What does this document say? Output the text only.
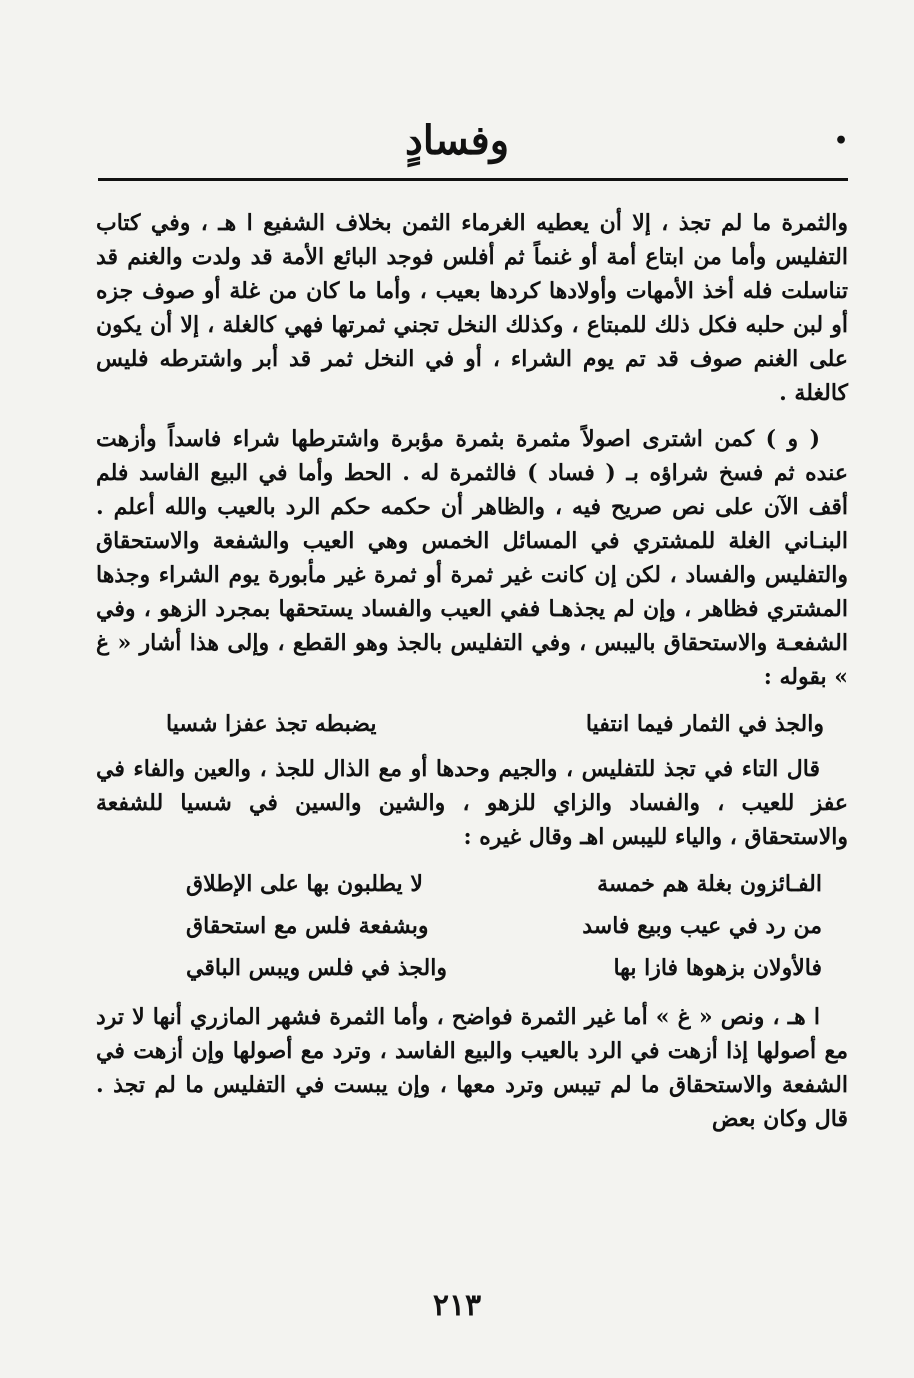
•
وفسادٍ

والثمرة ما لم تجذ ، إلا أن يعطيه الغرماء الثمن بخلاف الشفيع ا هـ ، وفي كتاب التفليس وأما من ابتاع أمة أو غنماً ثم أفلس فوجد البائع الأمة قد ولدت والغنم قد تناسلت فله أخذ الأمهات وأولادها كردها بعيب ، وأما ما كان من غلة أو صوف جزه أو لبن حلبه فكل ذلك للمبتاع ، وكذلك النخل تجني ثمرتها فهي كالغلة ، إلا أن يكون على الغنم صوف قد تم يوم الشراء ، أو في النخل ثمر قد أبر واشترطه فليس كالغلة .

( و ) كمن اشترى اصولاً مثمرة بثمرة مؤبرة واشترطها شراء فاسداً وأزهت عنده ثم فسخ شراؤه بـ ( فساد ) فالثمرة له . الحط وأما في البيع الفاسد فلم أقف الآن على نص صريح فيه ، والظاهر أن حكمه حكم الرد بالعيب والله أعلم . البنـاني الغلة للمشتري في المسائل الخمس وهي العيب والشفعة والاستحقاق والتفليس والفساد ، لكن إن كانت غير ثمرة أو ثمرة غير مأبورة يوم الشراء وجذها المشتري فظاهر ، وإن لم يجذهـا ففي العيب والفساد يستحقها بمجرد الزهو ، وفي الشفعـة والاستحقاق باليبس ، وفي التفليس بالجذ وهو القطع ، وإلى هذا أشار « غ » بقوله :

والجذ في الثمار فيما انتفيا
يضبطه تجذ عفزا شسيا

قال التاء في تجذ للتفليس ، والجيم وحدها أو مع الذال للجذ ، والعين والفاء في عفز للعيب ، والفساد والزاي للزهو ، والشين والسين في شسيا للشفعة والاستحقاق ، والياء لليبس اهـ وقال غيره :

الفـائزون بغلة هم خمسة
لا يطلبون بها على الإطلاق
من رد في عيب وبيع فاسد
وبشفعة فلس مع استحقاق
فالأولان بزهوها فازا بها
والجذ في فلس ويبس الباقي

ا هـ ، ونص « غ » أما غير الثمرة فواضح ، وأما الثمرة فشهر المازري أنها لا ترد مع أصولها إذا أزهت في الرد بالعيب والبيع الفاسد ، وترد مع أصولها وإن أزهت في الشفعة والاستحقاق ما لم تيبس وترد معها ، وإن يبست في التفليس ما لم تجذ . قال وكان بعض

٢١٣
